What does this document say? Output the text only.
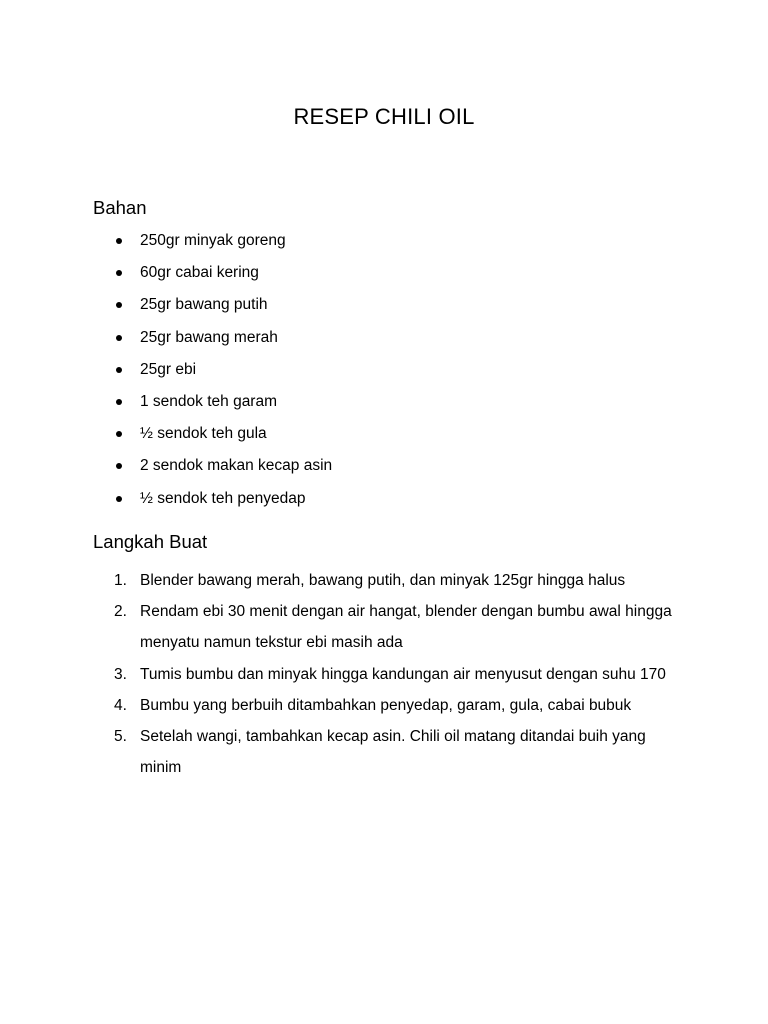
RESEP CHILI OIL
Bahan
250gr minyak goreng
60gr cabai kering
25gr bawang putih
25gr bawang merah
25gr ebi
1 sendok teh garam
½ sendok teh gula
2 sendok makan kecap asin
½ sendok teh penyedap
Langkah Buat
1. Blender bawang merah, bawang putih, dan minyak 125gr hingga halus
2. Rendam ebi 30 menit dengan air hangat, blender dengan bumbu awal hingga menyatu namun tekstur ebi masih ada
3. Tumis bumbu dan minyak hingga kandungan air menyusut dengan suhu 170
4. Bumbu yang berbuih ditambahkan penyedap, garam, gula, cabai bubuk
5. Setelah wangi, tambahkan kecap asin. Chili oil matang ditandai buih yang minim
